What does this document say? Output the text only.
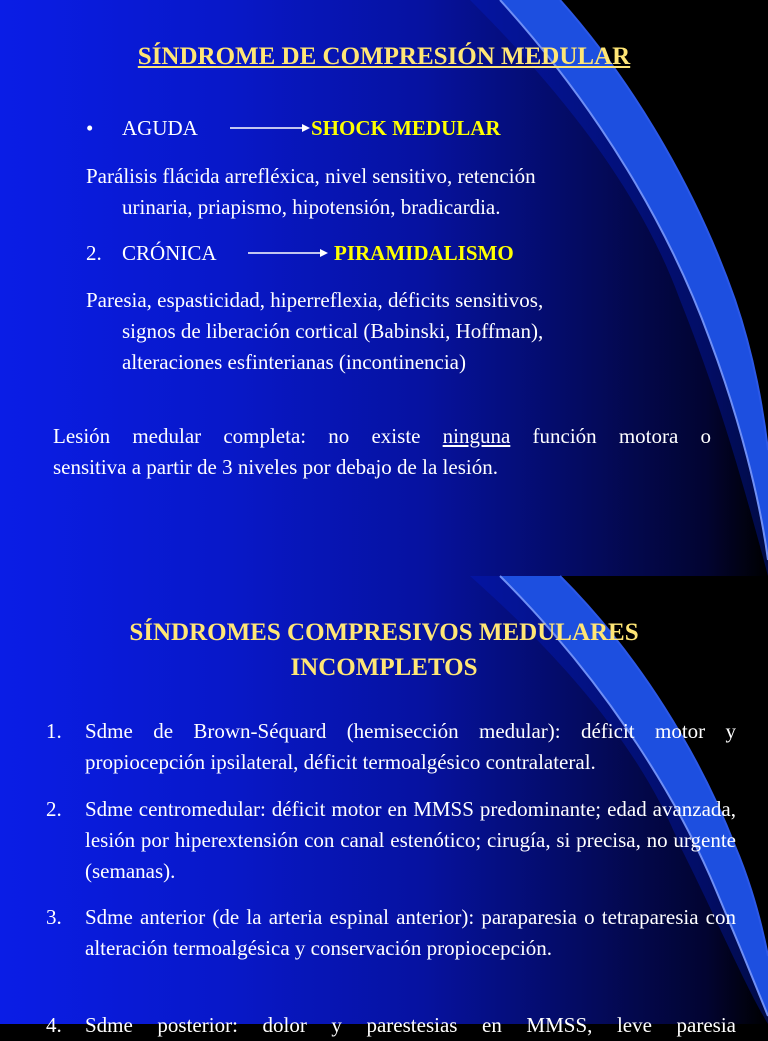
SÍNDROME DE COMPRESIÓN MEDULAR
• AGUDA	SHOCK MEDULAR
Parálisis flácida arrefléxica, nivel sensitivo, retención
urinaria, priapismo, hipotensión, bradicardia.
2. CRÓNICA	PIRAMIDALISMO
Paresia, espasticidad, hiperreflexia, déficits sensitivos,
signos de liberación cortical (Babinski, Hoffman),
alteraciones esfinterianas (incontinencia)
Lesión medular completa: no existe ninguna función motora o
sensitiva a partir de 3 niveles por debajo de la lesión.
SÍNDROMES COMPRESIVOS MEDULARES
INCOMPLETOS
1. Sdme de Brown-Séquard (hemisección medular): déficit motor y propiocepción ipsilateral, déficit termoalgésico contralateral.
2. Sdme centromedular: déficit motor en MMSS predominante; edad avanzada, lesión por hiperextensión con canal estenótico; cirugía, si precisa, no urgente (semanas).
3. Sdme anterior (de la arteria espinal anterior): paraparesia o tetraparesia con alteración termoalgésica y conservación propiocepción.
4. Sdme posterior: dolor y parestesias en MMSS, leve paresia
